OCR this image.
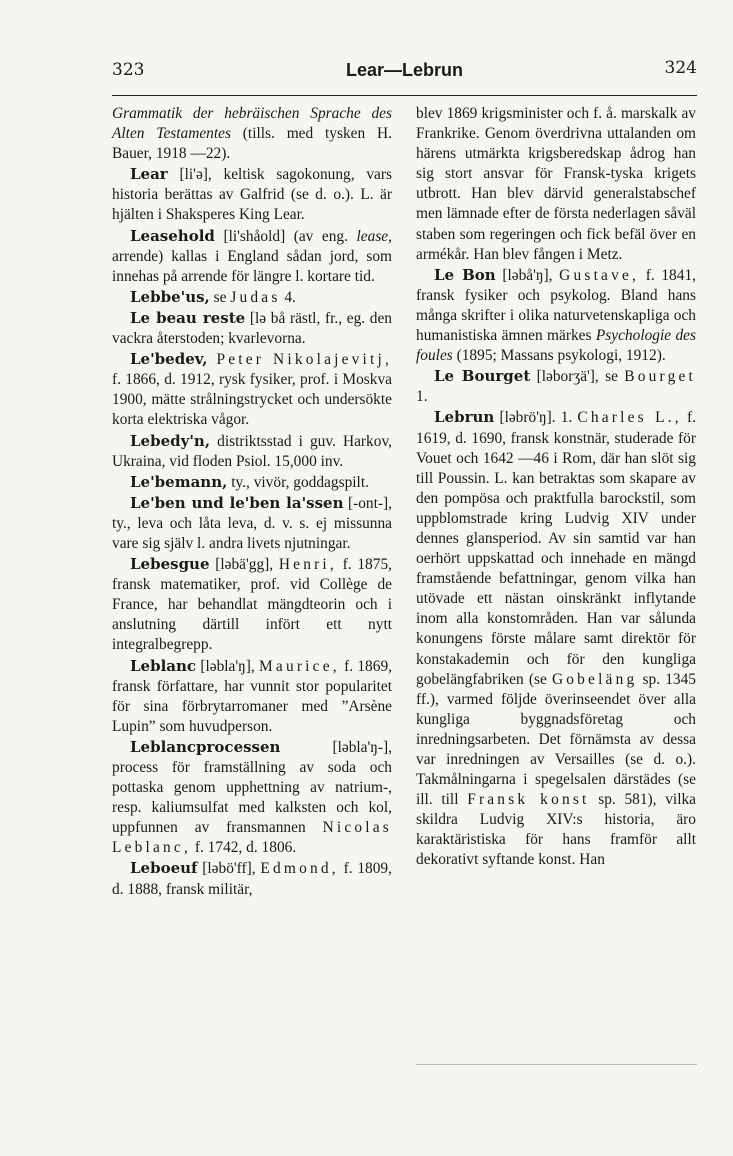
323	Lear—Lebrun	324

Grammatik der hebräischen Sprache des Alten Testamentes (tills. med tysken H. Bauer, 1918 —22).

Lear [li'ə], keltisk sagokonung, vars historia berättas av Galfrid (se d. o.). L. är hjälten i Shaksperes King Lear.

Leasehold [li'shåold] (av eng. lease, arrende) kallas i England sådan jord, som innehas på arrende för längre l. kortare tid.

Lebbe'us, se Judas 4.

Le beau reste [lə bå rästl, fr., eg. den vackra återstoden; kvarlevorna.

Le'bedev, Peter Nikolajevitj, f. 1866, d. 1912, rysk fysiker, prof. i Moskva 1900, mätte strålningstrycket och undersökte korta elektriska vågor.

Lebedy'n, distriktsstad i guv. Harkov, Ukraina, vid floden Psiol. 15,000 inv.

Le'bemann, ty., vivör, goddagspilt.

Le'ben und le'ben la'ssen [-ont-], ty., leva och låta leva, d. v. s. ej missunna vare sig själv l. andra livets njutningar.

Lebesgue [ləbä'gg], Henri, f. 1875, fransk matematiker, prof. vid Collège de France, har behandlat mängdteorin och i anslutning därtill infört ett nytt integralbegrepp.

Leblanc [ləbla'ŋ], Maurice, f. 1869, fransk författare, har vunnit stor popularitet för sina förbrytarromaner med ”Arsène Lupin” som huvudperson.

Leblancprocessen [ləbla'ŋ-], process för framställning av soda och pottaska genom upphettning av natrium-, resp. kaliumsulfat med kalksten och kol, uppfunnen av fransmannen Nicolas Leblanc, f. 1742, d. 1806.

Leboeuf [ləbö'ff], Edmond, f. 1809, d. 1888, fransk militär,

blev 1869 krigsminister och f. å. marskalk av Frankrike. Genom överdrivna uttalanden om härens utmärkta krigsberedskap ådrog han sig stort ansvar för Fransk-tyska krigets utbrott. Han blev därvid generalstabschef men lämnade efter de första nederlagen såväl staben som regeringen och fick befäl över en armékår. Han blev fången i Metz.

Le Bon [ləbå'ŋ], Gustave, f. 1841, fransk fysiker och psykolog. Bland hans många skrifter i olika naturvetenskapliga och humanistiska ämnen märkes Psychologie des foules (1895; Massans psykologi, 1912).

Le Bourget [ləborʒä'], se Bourget 1.

Lebrun [ləbrö'ŋ]. 1. Charles L., f. 1619, d. 1690, fransk konstnär, studerade för Vouet och 1642 —46 i Rom, där han slöt sig till Poussin. L. kan betraktas som skapare av den pompösa och praktfulla barockstil, som uppblomstrade kring Ludvig XIV under dennes glansperiod. Av sin samtid var han oerhört uppskattad och innehade en mängd framstående befattningar, genom vilka han utövade ett nästan oinskränkt inflytande inom alla konstområden. Han var sålunda konungens förste målare samt direktör för konstakademin och för den kungliga gobelängfabriken (se Gobeläng sp. 1345 ff.), varmed följde överinseendet över alla kungliga byggnadsföretag och inredningsarbeten. Det förnämsta av dessa var inredningen av Versailles (se d. o.). Takmålningarna i spegelsalen därstädes (se ill. till Fransk konst sp. 581), vilka skildra Ludvig XIV:s historia, äro karaktäristiska för hans framför allt dekorativt syftande konst. Han
